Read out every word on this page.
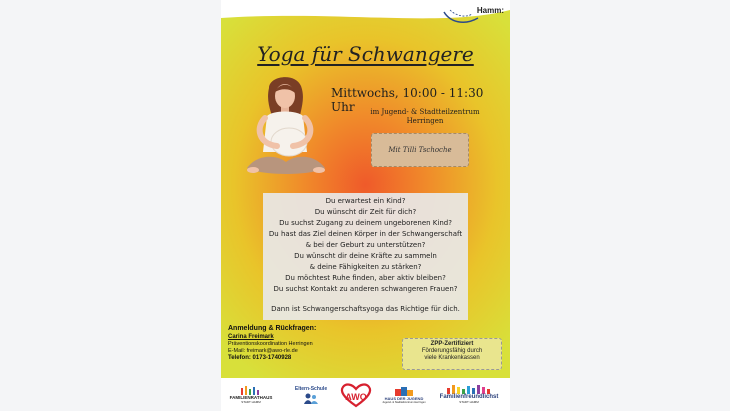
Hamm:
Yoga für Schwangere
Mittwochs, 10:00 - 11:30 Uhr	im Jugend- & Stadtteilzentrum
Herringen
Mit Tilli Tschoche
Du erwartest ein Kind?
Du wünscht dir Zeit für dich?
Du suchst Zugang zu deinem ungeborenen Kind?
Du hast das Ziel deinen Körper in der Schwangerschaft
& bei der Geburt zu unterstützen?
Du wünscht dir deine Kräfte zu sammeln
& deine Fähigkeiten zu stärken?
Du möchtest Ruhe finden, aber aktiv bleiben?
Du suchst Kontakt zu anderen schwangeren Frauen?
Dann ist Schwangerschaftsyoga das Richtige für dich.
Anmeldung & Rückfragen:
Carina Freimark
Präventionskoordination Herringen
E-Mail: freimark@awo-rle.de
Telefon: 0173-1740928
ZPP-Zertifiziert
Förderungsfähig durch
viele Krankenkassen
FAMILIENRATHAUS
STADT HAMM
Eltern-Schule
AWO	HAUS DER JUGEND
Jugend- & Stadtteilzentrum Herringen
Familienfreundlichst
STADT HAMM
